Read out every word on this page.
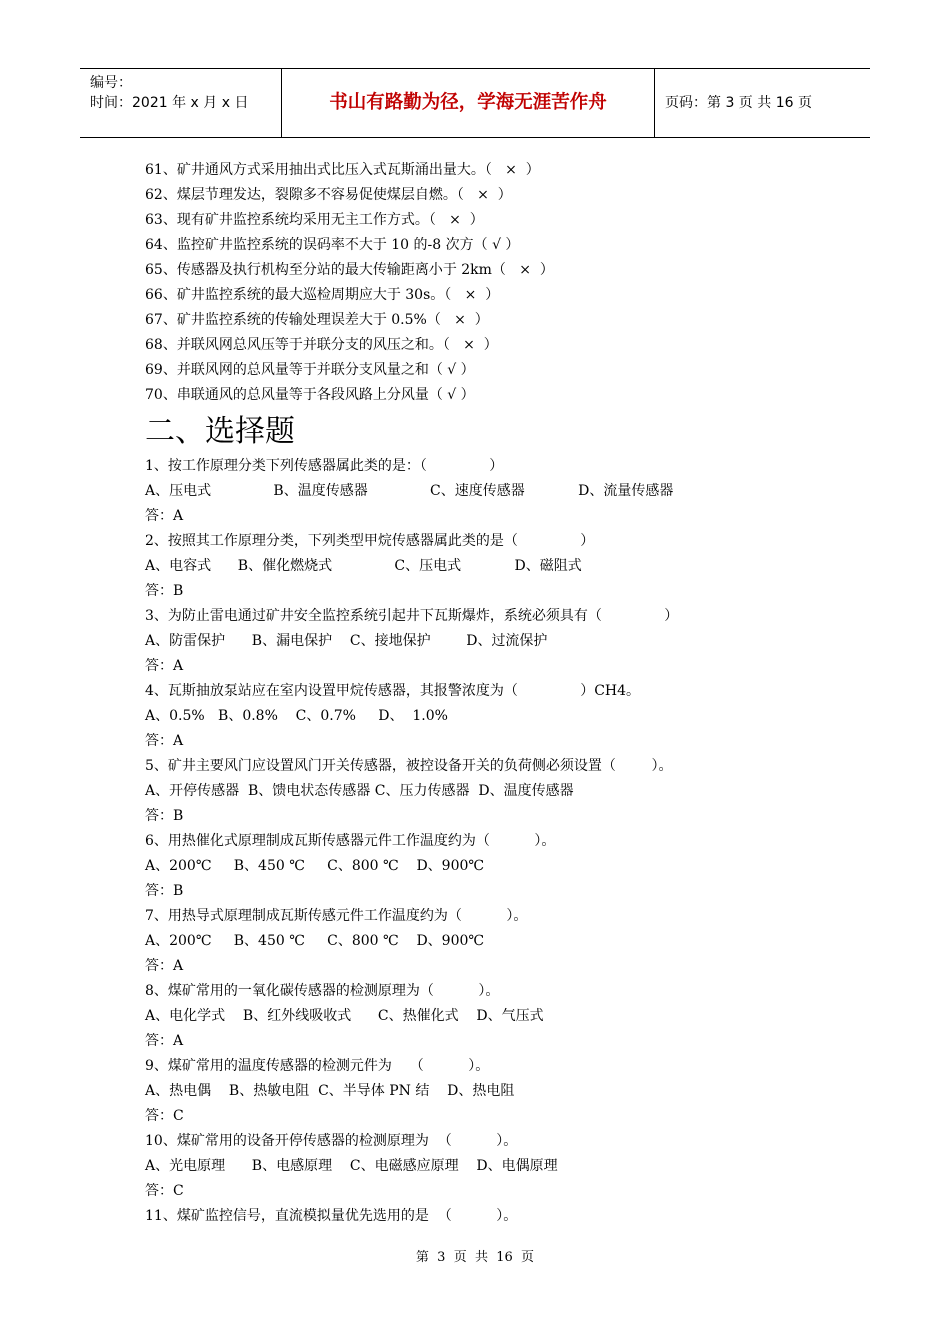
编号：
时间：2021 年 x 月 x 日	书山有路勤为径，学海无涯苦作舟	页码：第 3 页 共 16 页
61、矿井通风方式采用抽出式比压入式瓦斯涌出量大。（   ×  ）
62、煤层节理发达，裂隙多不容易促使煤层自燃。（   ×  ）
63、现有矿井监控系统均采用无主工作方式。（   ×  ）
64、监控矿井监控系统的误码率不大于 10 的-8 次方（ √ ）
65、传感器及执行机构至分站的最大传输距离小于 2km（   ×  ）
66、矿井监控系统的最大巡检周期应大于 30s。（   ×  ）
67、矿井监控系统的传输处理误差大于 0.5%（   ×  ）
68、并联风网总风压等于并联分支的风压之和。（   ×  ）
69、并联风网的总风量等于并联分支风量之和（ √ ）
70、串联通风的总风量等于各段风路上分风量（ √ ）
二、选择题
1、按工作原理分类下列传感器属此类的是：（              ）
A、压电式              B、温度传感器              C、速度传感器            D、流量传感器
答：A
2、按照其工作原理分类，下列类型甲烷传感器属此类的是（              ）
A、电容式      B、催化燃烧式              C、压电式            D、磁阻式
答：B
3、为防止雷电通过矿井安全监控系统引起井下瓦斯爆炸，系统必须具有（              ）
A、防雷保护      B、漏电保护    C、接地保护        D、过流保护
答：A
4、瓦斯抽放泵站应在室内设置甲烷传感器，其报警浓度为（              ）CH4。
A、0.5%   B、0.8%    C、0.7%     D、  1.0%
答：A
5、矿井主要风门应设置风门开关传感器，被控设备开关的负荷侧必须设置（        ）。
A、开停传感器  B、馈电状态传感器 C、压力传感器  D、温度传感器
答：B
6、用热催化式原理制成瓦斯传感器元件工作温度约为（          ）。
A、200℃     B、450 ℃     C、800 ℃    D、900℃
答：B
7、用热导式原理制成瓦斯传感元件工作温度约为（          ）。
A、200℃     B、450 ℃     C、800 ℃    D、900℃
答：A
8、煤矿常用的一氧化碳传感器的检测原理为（          ）。
A、电化学式    B、红外线吸收式      C、热催化式    D、气压式
答：A
9、煤矿常用的温度传感器的检测元件为    （          ）。
A、热电偶    B、热敏电阻  C、半导体 PN 结    D、热电阻
答：C
10、煤矿常用的设备开停传感器的检测原理为  （          ）。
A、光电原理      B、电感原理    C、电磁感应原理    D、电偶原理
答：C
11、煤矿监控信号，直流模拟量优先选用的是  （          ）。
第  3  页  共  16  页
